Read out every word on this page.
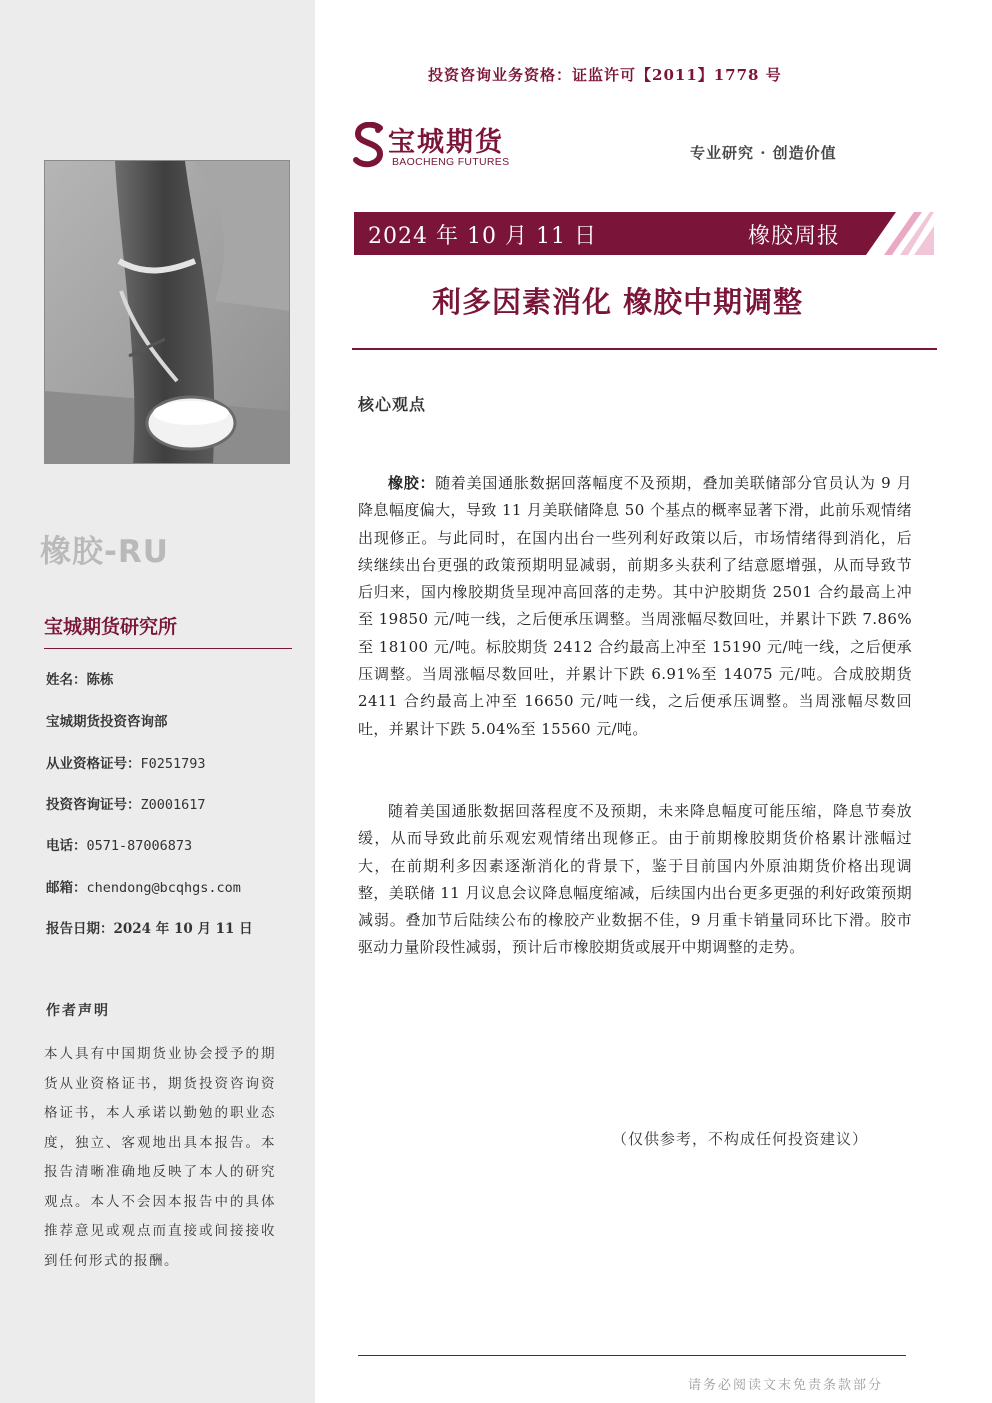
橡胶-RU
宝城期货研究所
姓名：陈栋
宝城期货投资咨询部
从业资格证号：F0251793
投资咨询证号：Z0001617
电话：0571-87006873
邮箱：chendong@bcqhgs.com
报告日期：2024 年 10 月 11 日
作者声明
本人具有中国期货业协会授予的期货从业资格证书，期货投资咨询资格证书，本人承诺以勤勉的职业态度，独立、客观地出具本报告。本报告清晰准确地反映了本人的研究观点。本人不会因本报告中的具体推荐意见或观点而直接或间接接收到任何形式的报酬。
投资咨询业务资格：证监许可【2011】1778 号
宝城期货
BAOCHENG FUTURES	专业研究 · 创造价值
2024 年 10 月 11 日	橡胶周报
利多因素消化 橡胶中期调整
核心观点
橡胶：随着美国通胀数据回落幅度不及预期，叠加美联储部分官员认为 9 月降息幅度偏大，导致 11 月美联储降息 50 个基点的概率显著下滑，此前乐观情绪出现修正。与此同时，在国内出台一些列利好政策以后，市场情绪得到消化，后续继续出台更强的政策预期明显减弱，前期多头获利了结意愿增强，从而导致节后归来，国内橡胶期货呈现冲高回落的走势。其中沪胶期货 2501 合约最高上冲至 19850 元/吨一线，之后便承压调整。当周涨幅尽数回吐，并累计下跌 7.86%至 18100 元/吨。标胶期货 2412 合约最高上冲至 15190 元/吨一线，之后便承压调整。当周涨幅尽数回吐，并累计下跌 6.91%至 14075 元/吨。合成胶期货 2411 合约最高上冲至 16650 元/吨一线，之后便承压调整。当周涨幅尽数回吐，并累计下跌 5.04%至 15560 元/吨。
随着美国通胀数据回落程度不及预期，未来降息幅度可能压缩，降息节奏放缓，从而导致此前乐观宏观情绪出现修正。由于前期橡胶期货价格累计涨幅过大，在前期利多因素逐渐消化的背景下，鉴于目前国内外原油期货价格出现调整，美联储 11 月议息会议降息幅度缩减，后续国内出台更多更强的利好政策预期减弱。叠加节后陆续公布的橡胶产业数据不佳，9 月重卡销量同环比下滑。胶市驱动力量阶段性减弱，预计后市橡胶期货或展开中期调整的走势。
（仅供参考，不构成任何投资建议）
请务必阅读文末免责条款部分
